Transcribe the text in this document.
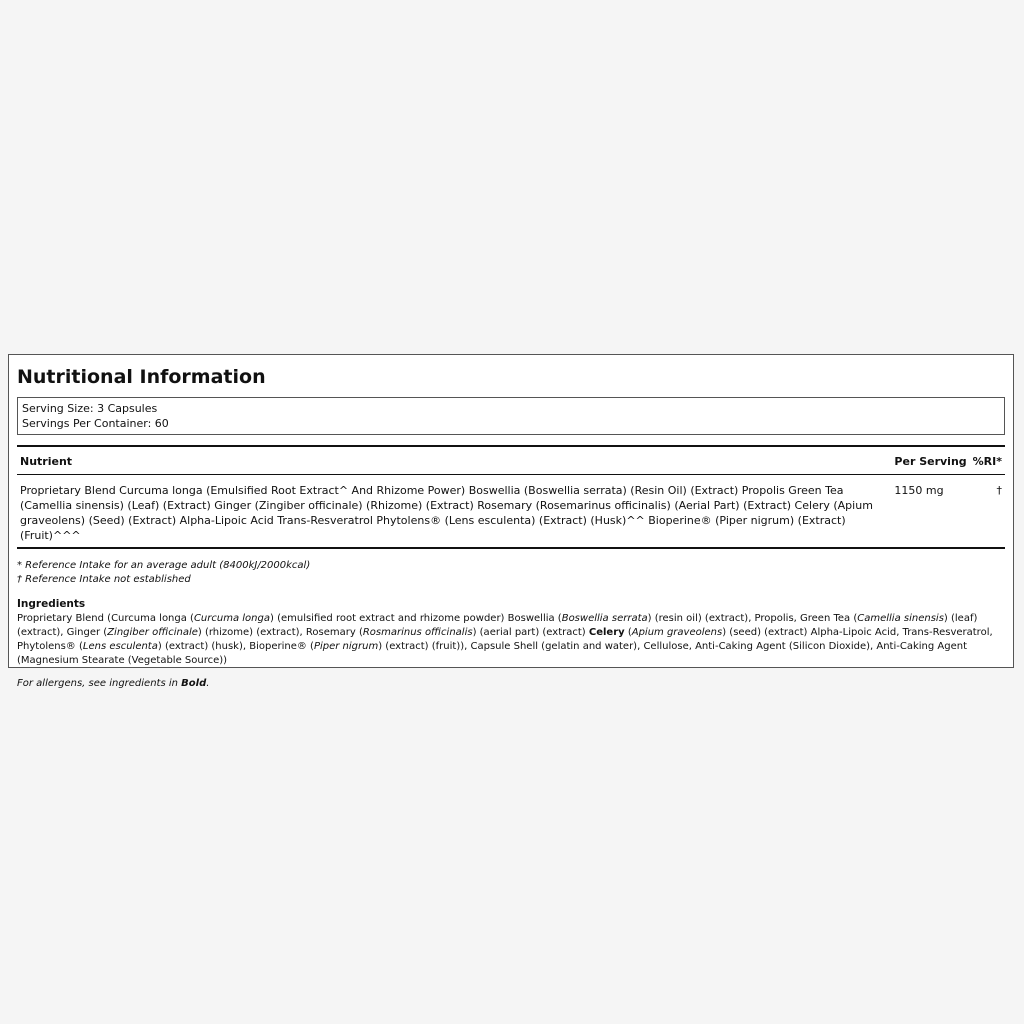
Nutritional Information
Serving Size: 3 Capsules
Servings Per Container: 60
Nutrient	Per Serving	%RI*
Proprietary Blend Curcuma longa (Emulsified Root Extract^ And Rhizome Power) Boswellia (Boswellia serrata) (Resin Oil) (Extract) Propolis Green Tea (Camellia sinensis) (Leaf) (Extract) Ginger (Zingiber officinale) (Rhizome) (Extract) Rosemary (Rosemarinus officinalis) (Aerial Part) (Extract) Celery (Apium graveolens) (Seed) (Extract) Alpha-Lipoic Acid Trans-Resveratrol Phytolens® (Lens esculenta) (Extract) (Husk)^^ Bioperine® (Piper nigrum) (Extract) (Fruit)^^^	1150 mg	†
* Reference Intake for an average adult (8400kJ/2000kcal)
† Reference Intake not established
Ingredients
Proprietary Blend (Curcuma longa (Curcuma longa) (emulsified root extract and rhizome powder) Boswellia (Boswellia serrata) (resin oil) (extract), Propolis, Green Tea (Camellia sinensis) (leaf) (extract), Ginger (Zingiber officinale) (rhizome) (extract), Rosemary (Rosmarinus officinalis) (aerial part) (extract) Celery (Apium graveolens) (seed) (extract) Alpha-Lipoic Acid, Trans-Resveratrol, Phytolens® (Lens esculenta) (extract) (husk), Bioperine® (Piper nigrum) (extract) (fruit)), Capsule Shell (gelatin and water), Cellulose, Anti-Caking Agent (Silicon Dioxide), Anti-Caking Agent (Magnesium Stearate (Vegetable Source))
For allergens, see ingredients in Bold.
